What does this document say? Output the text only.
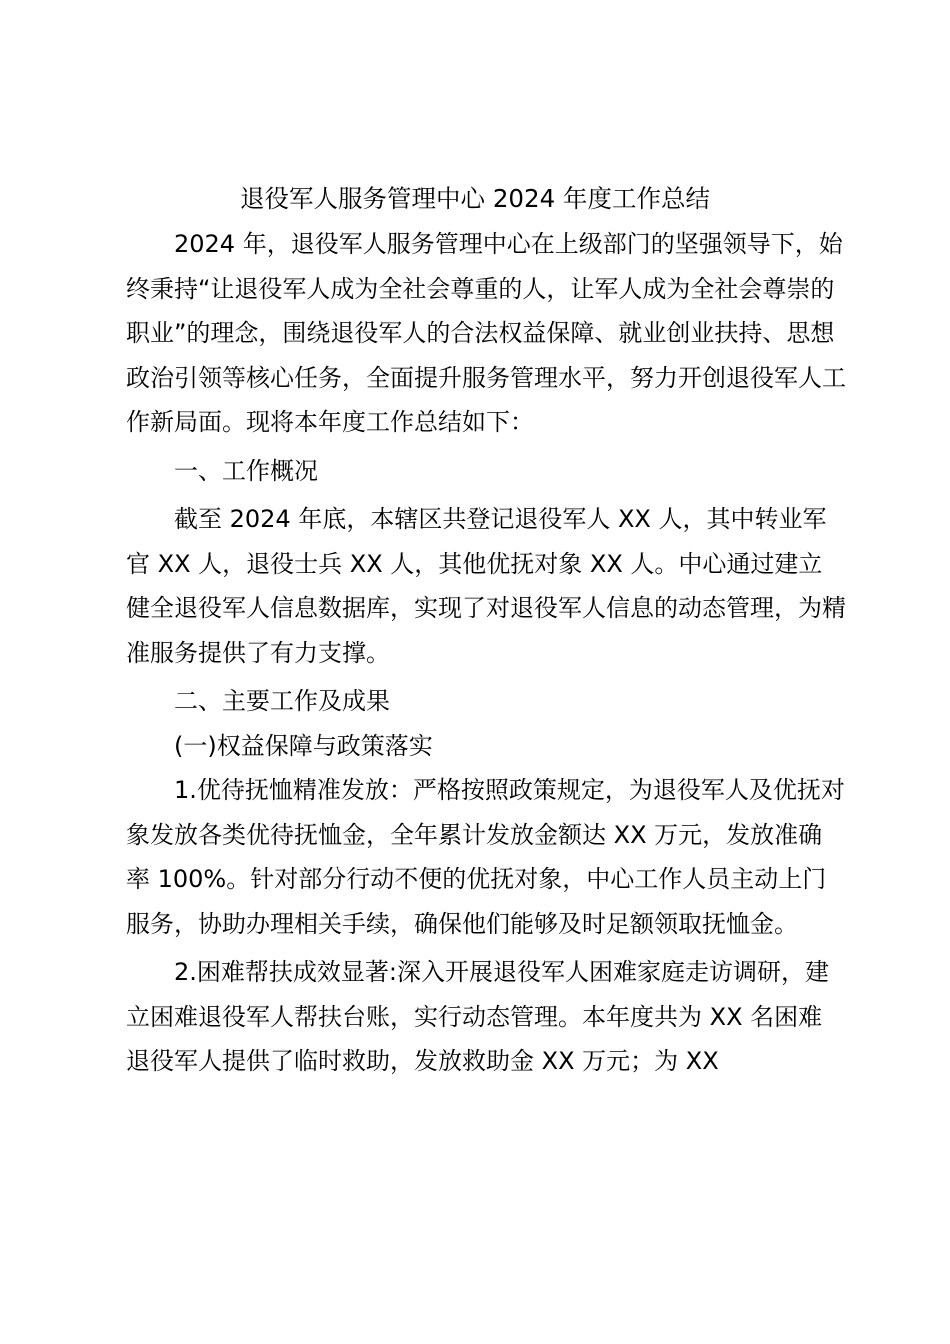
退役军人服务管理中心 2024 年度工作总结

2024 年，退役军人服务管理中心在上级部门的坚强领导下，始终秉持“让退役军人成为全社会尊重的人，让军人成为全社会尊崇的职业”的理念，围绕退役军人的合法权益保障、就业创业扶持、思想政治引领等核心任务，全面提升服务管理水平，努力开创退役军人工作新局面。现将本年度工作总结如下：

一、工作概况

截至 2024 年底，本辖区共登记退役军人 XX 人，其中转业军官 XX 人，退役士兵 XX 人，其他优抚对象 XX 人。中心通过建立健全退役军人信息数据库，实现了对退役军人信息的动态管理，为精准服务提供了有力支撑。

二、主要工作及成果

(一)权益保障与政策落实

1.优待抚恤精准发放：严格按照政策规定，为退役军人及优抚对象发放各类优待抚恤金，全年累计发放金额达 XX 万元，发放准确率 100%。针对部分行动不便的优抚对象，中心工作人员主动上门服务，协助办理相关手续，确保他们能够及时足额领取抚恤金。

2.困难帮扶成效显著:深入开展退役军人困难家庭走访调研，建立困难退役军人帮扶台账，实行动态管理。本年度共为 XX 名困难退役军人提供了临时救助，发放救助金 XX 万元；为 XX
